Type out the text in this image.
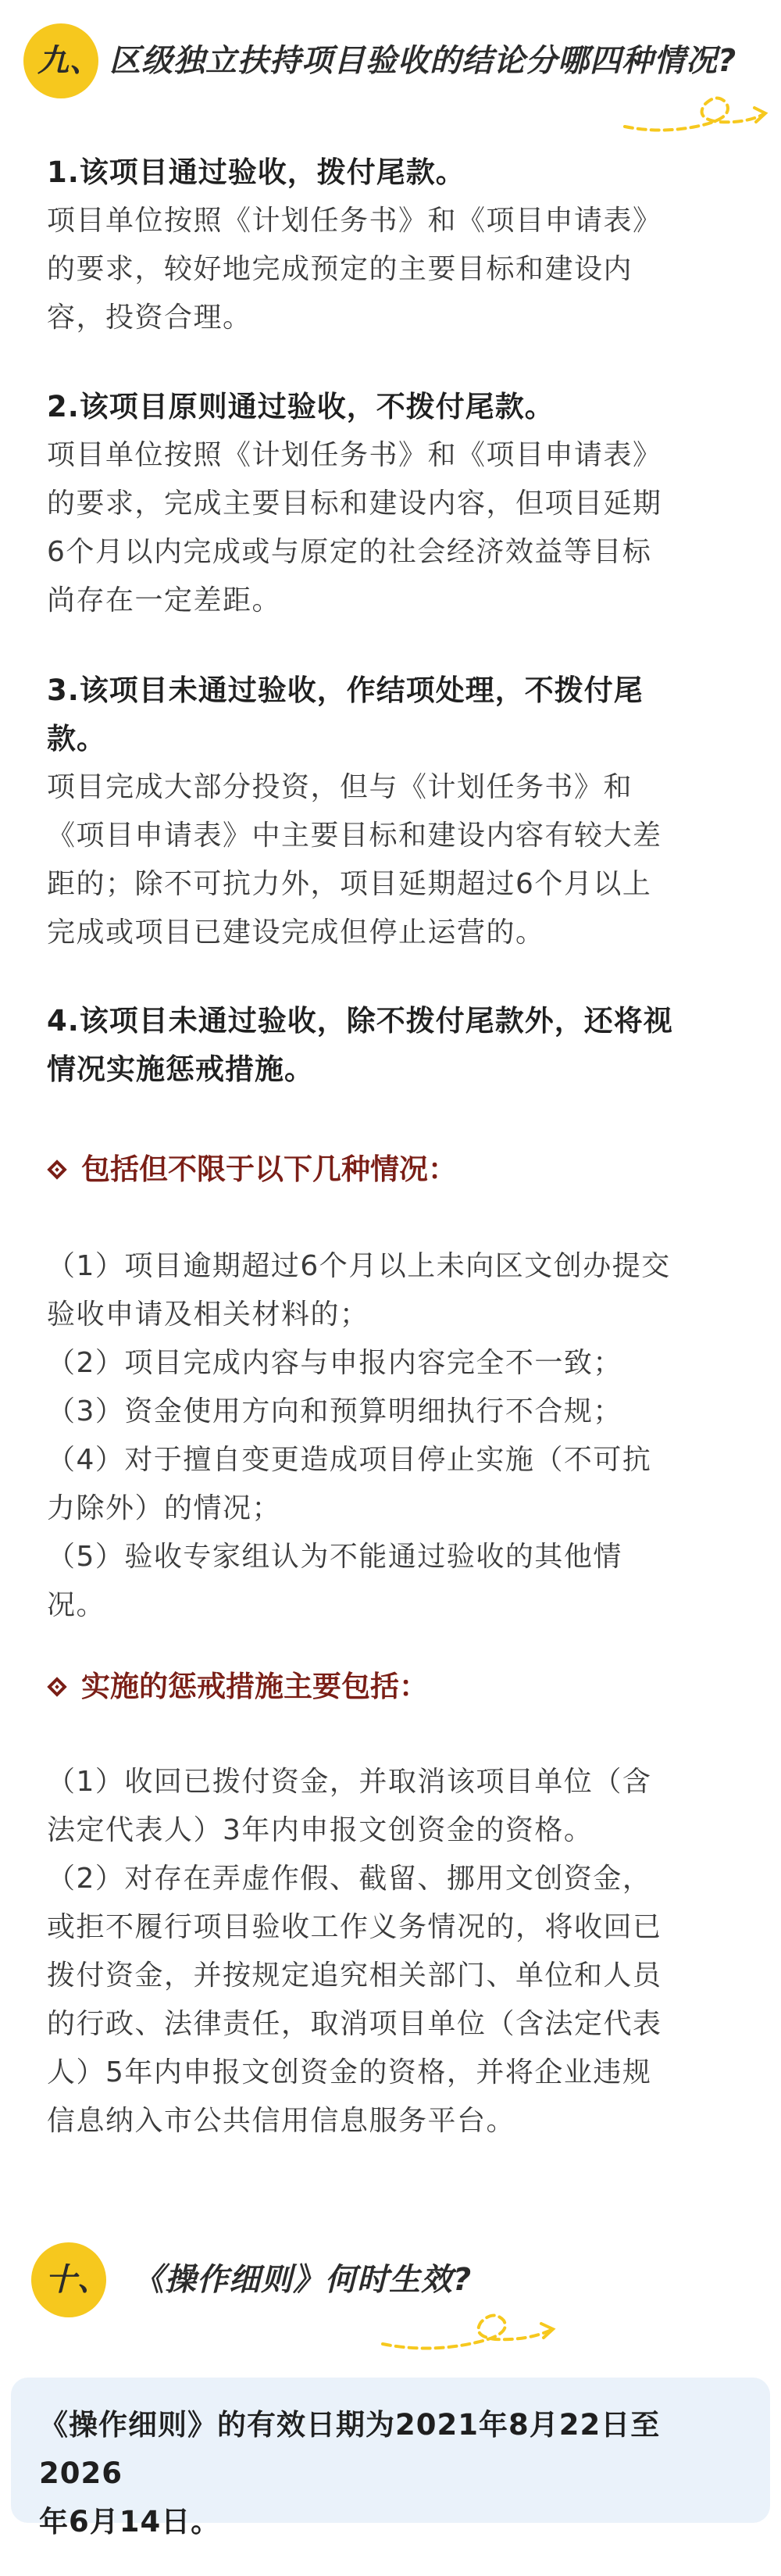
九、 区级独立扶持项目验收的结论分哪四种情况?

1.该项目通过验收，拨付尾款。

项目单位按照《计划任务书》和《项目申请表》

的要求，较好地完成预定的主要目标和建设内

容，投资合理。

2.该项目原则通过验收，不拨付尾款。

项目单位按照《计划任务书》和《项目申请表》

的要求，完成主要目标和建设内容，但项目延期

6个月以内完成或与原定的社会经济效益等目标

尚存在一定差距。

3.该项目未通过验收，作结项处理，不拨付尾

款。

项目完成大部分投资，但与《计划任务书》和

《项目申请表》中主要目标和建设内容有较大差

距的；除不可抗力外，项目延期超过6个月以上

完成或项目已建设完成但停止运营的。

4.该项目未通过验收，除不拨付尾款外，还将视

情况实施惩戒措施。

包括但不限于以下几种情况：

（1）项目逾期超过6个月以上未向区文创办提交

验收申请及相关材料的；

（2）项目完成内容与申报内容完全不一致；

（3）资金使用方向和预算明细执行不合规；

（4）对于擅自变更造成项目停止实施（不可抗

力除外）的情况；

（5）验收专家组认为不能通过验收的其他情

况。

实施的惩戒措施主要包括：

（1）收回已拨付资金，并取消该项目单位（含

法定代表人）3年内申报文创资金的资格。

（2）对存在弄虚作假、截留、挪用文创资金，

或拒不履行项目验收工作义务情况的，将收回已

拨付资金，并按规定追究相关部门、单位和人员

的行政、法律责任，取消项目单位（含法定代表

人）5年内申报文创资金的资格，并将企业违规

信息纳入市公共信用信息服务平台。

十、 《操作细则》何时生效?

《操作细则》的有效日期为2021年8月22日至2026

年6月14日。
